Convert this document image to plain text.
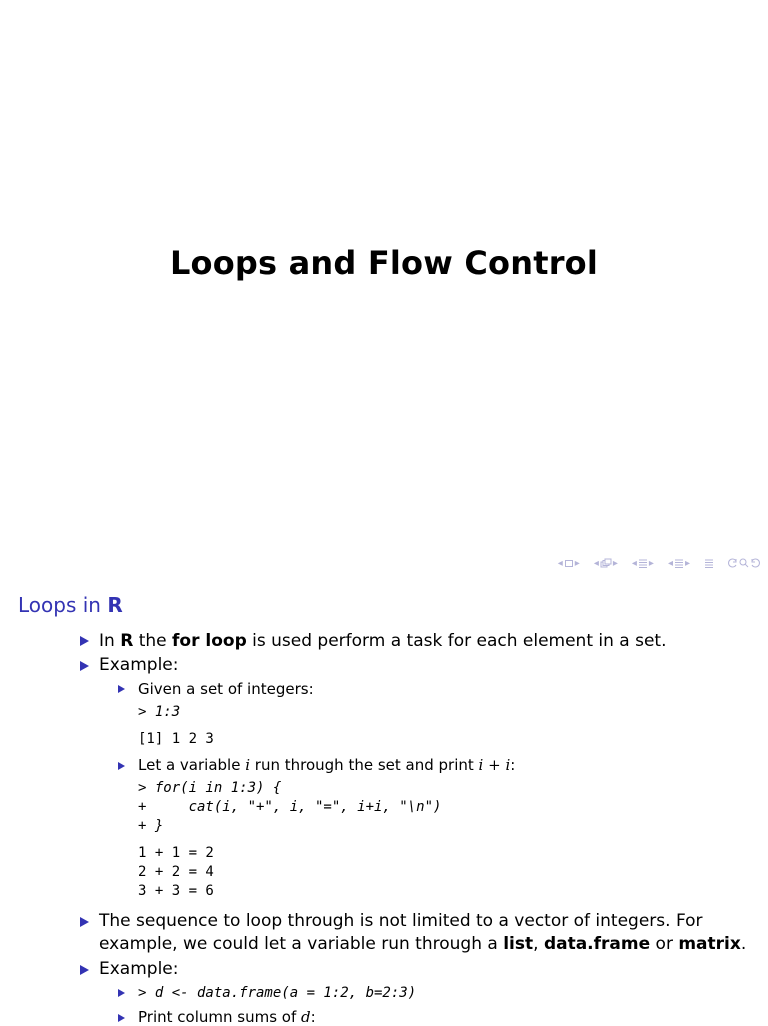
Loops and Flow Control
◂ ▸ ◂ ▸ ◂ ▸ ◂ ▸
Loops in R
In R the for loop is used perform a task for each element in a set.
Example:
Given a set of integers:
> 1:3
[1] 1 2 3
Let a variable i run through the set and print i + i:
> for(i in 1:3) {
+     cat(i, "+", i, "=", i+i, "\n")
+ }
1 + 1 = 2
2 + 2 = 4
3 + 3 = 6
The sequence to loop through is not limited to a vector of integers. For
example, we could let a variable run through a list, data.frame or matrix.
Example:
> d <- data.frame(a = 1:2, b=2:3)
Print column sums of d:
